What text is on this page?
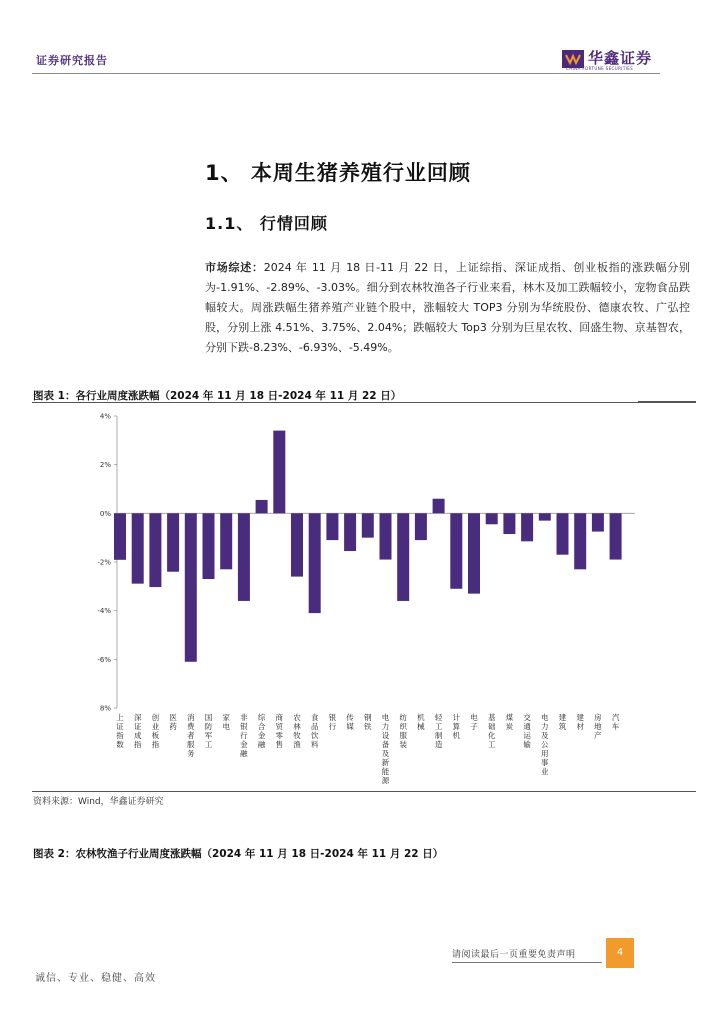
证券研究报告	华鑫证券
CHINA FORTUNE SECURITIES
1、 本周生猪养殖行业回顾
1.1、 行情回顾
市场综述：2024 年 11 月 18 日-11 月 22 日，上证综指、深证成指、创业板指的涨跌幅分别为-1.91%、-2.89%、-3.03%。细分到农林牧渔各子行业来看，林木及加工跌幅较小，宠物食品跌幅较大。周涨跌幅生猪养殖产业链个股中，涨幅较大 TOP3 分别为华统股份、德康农牧、广弘控股，分别上涨 4.51%、3.75%、2.04%；跌幅较大 Top3 分别为巨星农牧、回盛生物、京基智农，分别下跌-8.23%、-6.93%、-5.49%。
图表 1：各行业周度涨跌幅（2024 年 11 月 18 日-2024 年 11 月 22 日）
4%
2%
0%
-2%
-4%
-6%
8%
上证指数
深证成指
创业板指
医药
消费者服务
国防军工
家电
非银行金融
综合金融
商贸零售
农林牧渔
食品饮料
银行
传媒
钢铁
电力设备及新能源
纺织服装
机械
轻工制造
计算机
电子
基础化工
煤炭
交通运输
电力及公用事业
建筑
建材
房地产
汽车
资料来源：Wind，华鑫证券研究
图表 2：农林牧渔子行业周度涨跌幅（2024 年 11 月 18 日-2024 年 11 月 22 日）
请阅读最后一页重要免责声明	4
诚信、专业、稳健、高效
